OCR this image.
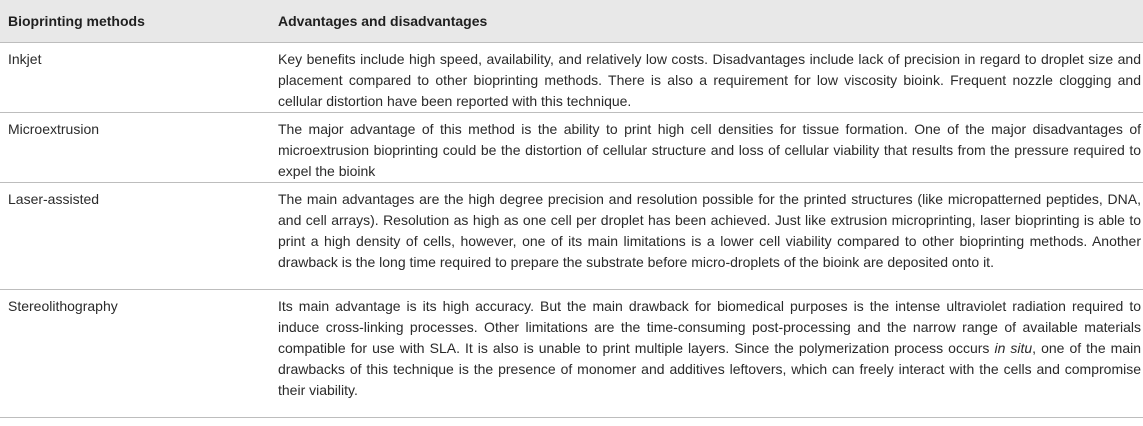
Bioprinting methods	Advantages and disadvantages
Inkjet	Key benefits include high speed, availability, and relatively low costs. Disadvantages include lack of precision in regard to droplet size and placement compared to other bioprinting methods. There is also a requirement for low viscosity bioink. Frequent nozzle clogging and cellular distortion have been reported with this technique.
Microextrusion	The major advantage of this method is the ability to print high cell densities for tissue formation. One of the major disadvantages of microextrusion bioprinting could be the distortion of cellular structure and loss of cellular viability that results from the pressure required to expel the bioink
Laser-assisted	The main advantages are the high degree precision and resolution possible for the printed structures (like micropatterned peptides, DNA, and cell arrays). Resolution as high as one cell per droplet has been achieved. Just like extrusion microprinting, laser bioprinting is able to print a high density of cells, however, one of its main limitations is a lower cell viability compared to other bioprinting methods. Another drawback is the long time required to prepare the substrate before micro-droplets of the bioink are deposited onto it.
Stereolithography	Its main advantage is its high accuracy. But the main drawback for biomedical purposes is the intense ultraviolet radiation required to induce cross-linking processes. Other limitations are the time-consuming post-processing and the narrow range of available materials compatible for use with SLA. It is also is unable to print multiple layers. Since the polymerization process occurs in situ, one of the main drawbacks of this technique is the presence of monomer and additives leftovers, which can freely interact with the cells and compromise their viability.
